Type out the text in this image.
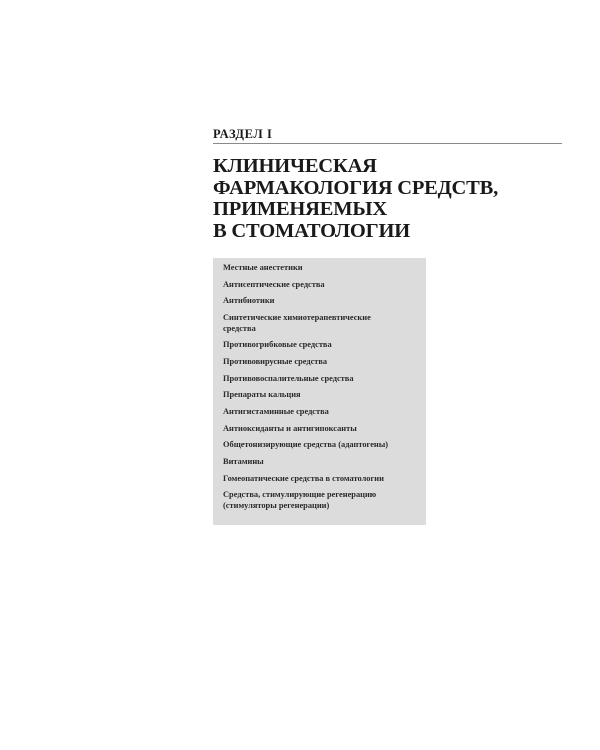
РАЗДЕЛ I
КЛИНИЧЕСКАЯ
ФАРМАКОЛОГИЯ СРЕДСТВ,
ПРИМЕНЯЕМЫХ
В СТОМАТОЛОГИИ
Местные анестетики
Антисептические средства
Антибиотики
Синтетические химиотерапевтические
средства
Противогрибковые средства
Противовирусные средства
Противовоспалительные средства
Препараты кальция
Антигистаминные средства
Антиоксиданты и антигипоксанты
Общетонизирующие средства (адаптогены)
Витамины
Гомеопатические средства в стоматологии
Средства, стимулирующие регенерацию
(стимуляторы регенерации)
